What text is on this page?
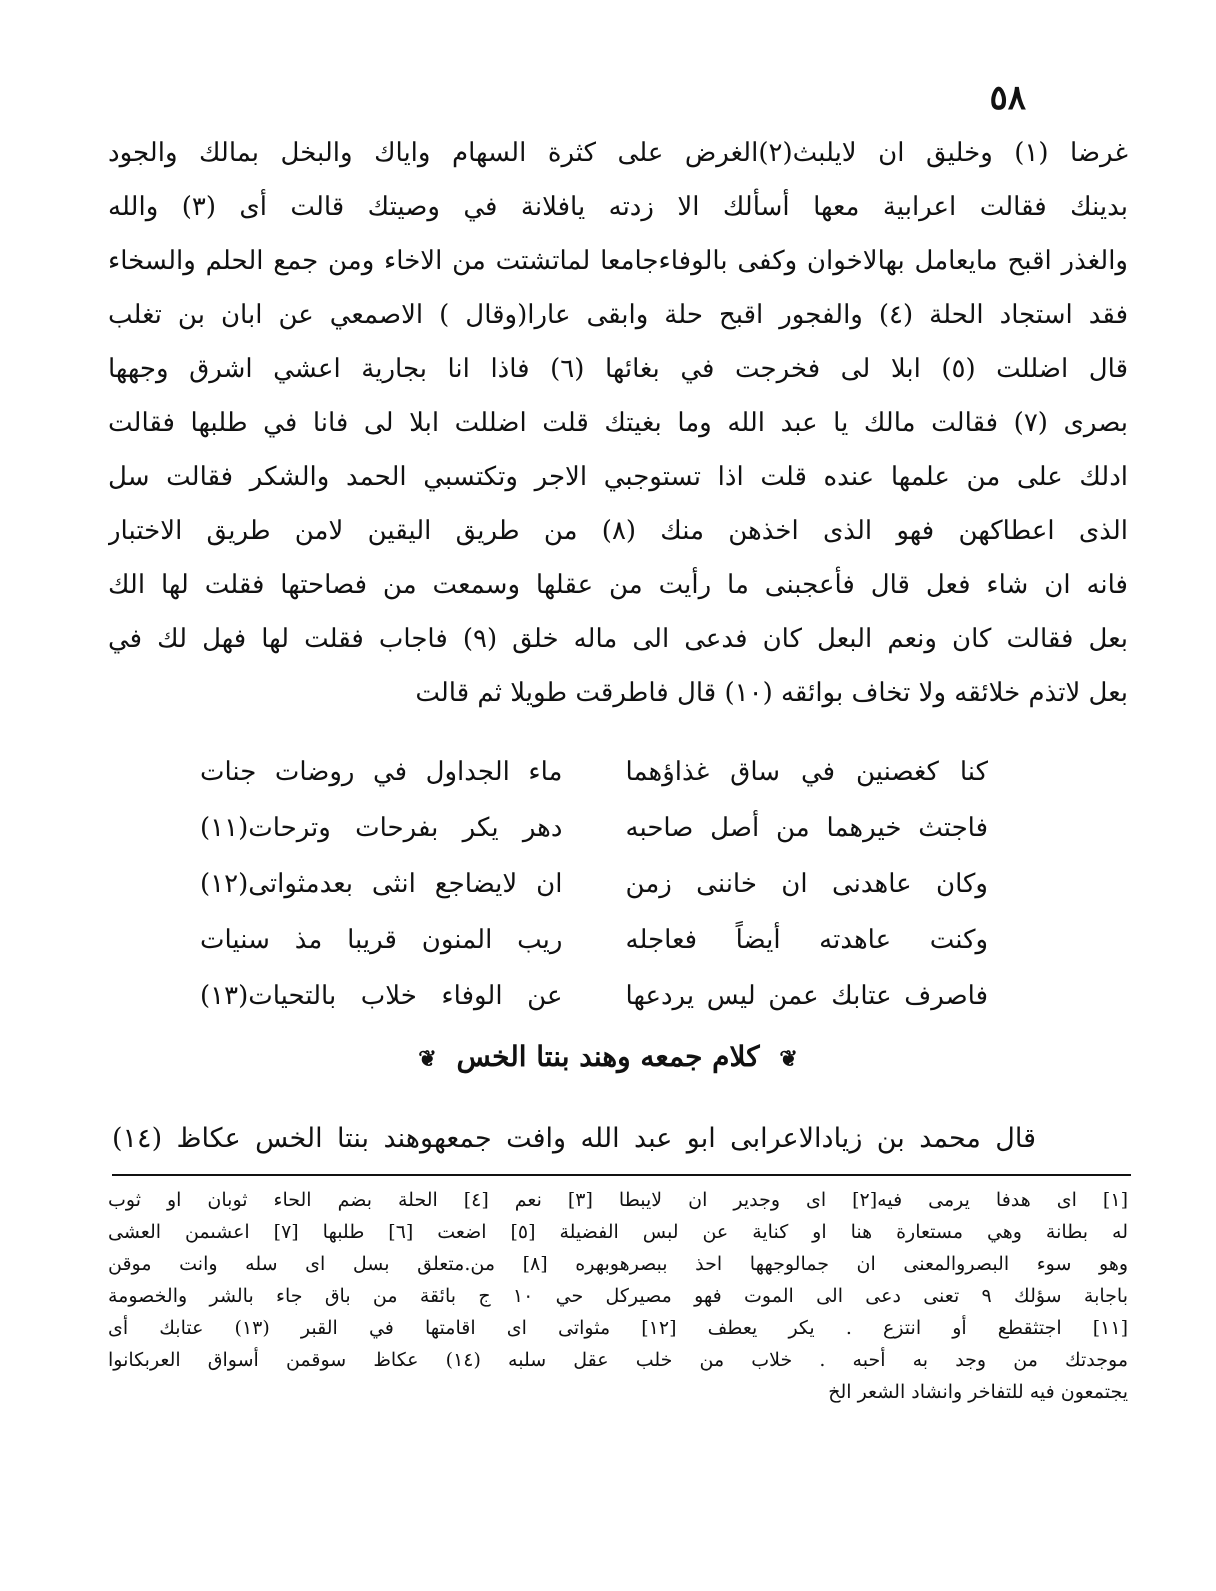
٥٨
غرضا (١) وخليق ان لايلبث(٢)الغرض على كثرة السهام واياك والبخل بمالك والجود
بدينك فقالت اعرابية معها أسألك الا زدته يافلانة في وصيتك قالت أى (٣) والله
والغذر اقبح مايعامل بهالاخوان وكفى بالوفاءجامعا لماتشتت من الاخاء ومن جمع الحلم والسخاء
فقد استجاد الحلة (٤) والفجور اقبح حلة وابقى عارا(وقال ) الاصمعي عن ابان بن تغلب
قال اضللت (٥) ابلا لى فخرجت في بغائها (٦) فاذا انا بجارية اعشي اشرق وجهها
بصرى (٧) فقالت مالك يا عبد الله وما بغيتك قلت اضللت ابلا لى فانا في طلبها فقالت
ادلك على من علمها عنده قلت اذا تستوجبي الاجر وتكتسبي الحمد والشكر فقالت سل
الذى اعطاكهن فهو الذى اخذهن منك (٨) من طريق اليقين لامن طريق الاختبار
فانه ان شاء فعل قال فأعجبنى ما رأيت من عقلها وسمعت من فصاحتها فقلت لها الك
بعل فقالت كان ونعم البعل كان فدعى الى ماله خلق (٩) فاجاب فقلت لها فهل لك في
بعل لاتذم خلائقه ولا تخاف بوائقه (١٠) قال فاطرقت طويلا ثم قالت
كنا كغصنين في ساق غذاؤهما
ماء الجداول في روضات جنات
فاجتث خيرهما من أصل صاحبه
دهر يكر بفرحات وترحات(١١)
وكان عاهدنى ان خاننى زمن
ان لايضاجع انثى بعدمثواتى(١٢)
وكنت عاهدته أيضاً فعاجله
ريب المنون قريبا مذ سنيات
فاصرف عتابك عمن ليس يردعها
عن الوفاء خلاب بالتحيات(١٣)
❦ كلام جمعه وهند بنتا الخس ❦
قال محمد بن زيادالاعرابى ابو عبد الله وافت جمعهوهند بنتا الخس عكاظ (١٤)
[١] اى هدفا يرمى فيه[٢] اى وجدير ان لايبطا [٣] نعم [٤] الحلة بضم الحاء ثوبان او ثوب
له بطانة وهي مستعارة هنا او كناية عن لبس الفضيلة [٥] اضعت [٦] طلبها [٧] اعشىمن العشى
وهو سوء البصروالمعنى ان جمالوجهها احذ ببصرهوبهره [٨] من.متعلق بسل اى سله وانت موقن
باجابة سؤلك ٩ تعنى دعى الى الموت فهو مصيركل حي ١٠ ج بائقة من باق جاء بالشر والخصومة
[١١] اجتثقطع أو انتزع . يكر يعطف [١٢] مثواتى اى اقامتها في القبر (١٣) عتابك أى
موجدتك من وجد به أحبه . خلاب من خلب عقل سلبه (١٤) عكاظ سوقمن أسواق العربكانوا
يجتمعون فيه للتفاخر وانشاد الشعر الخ
